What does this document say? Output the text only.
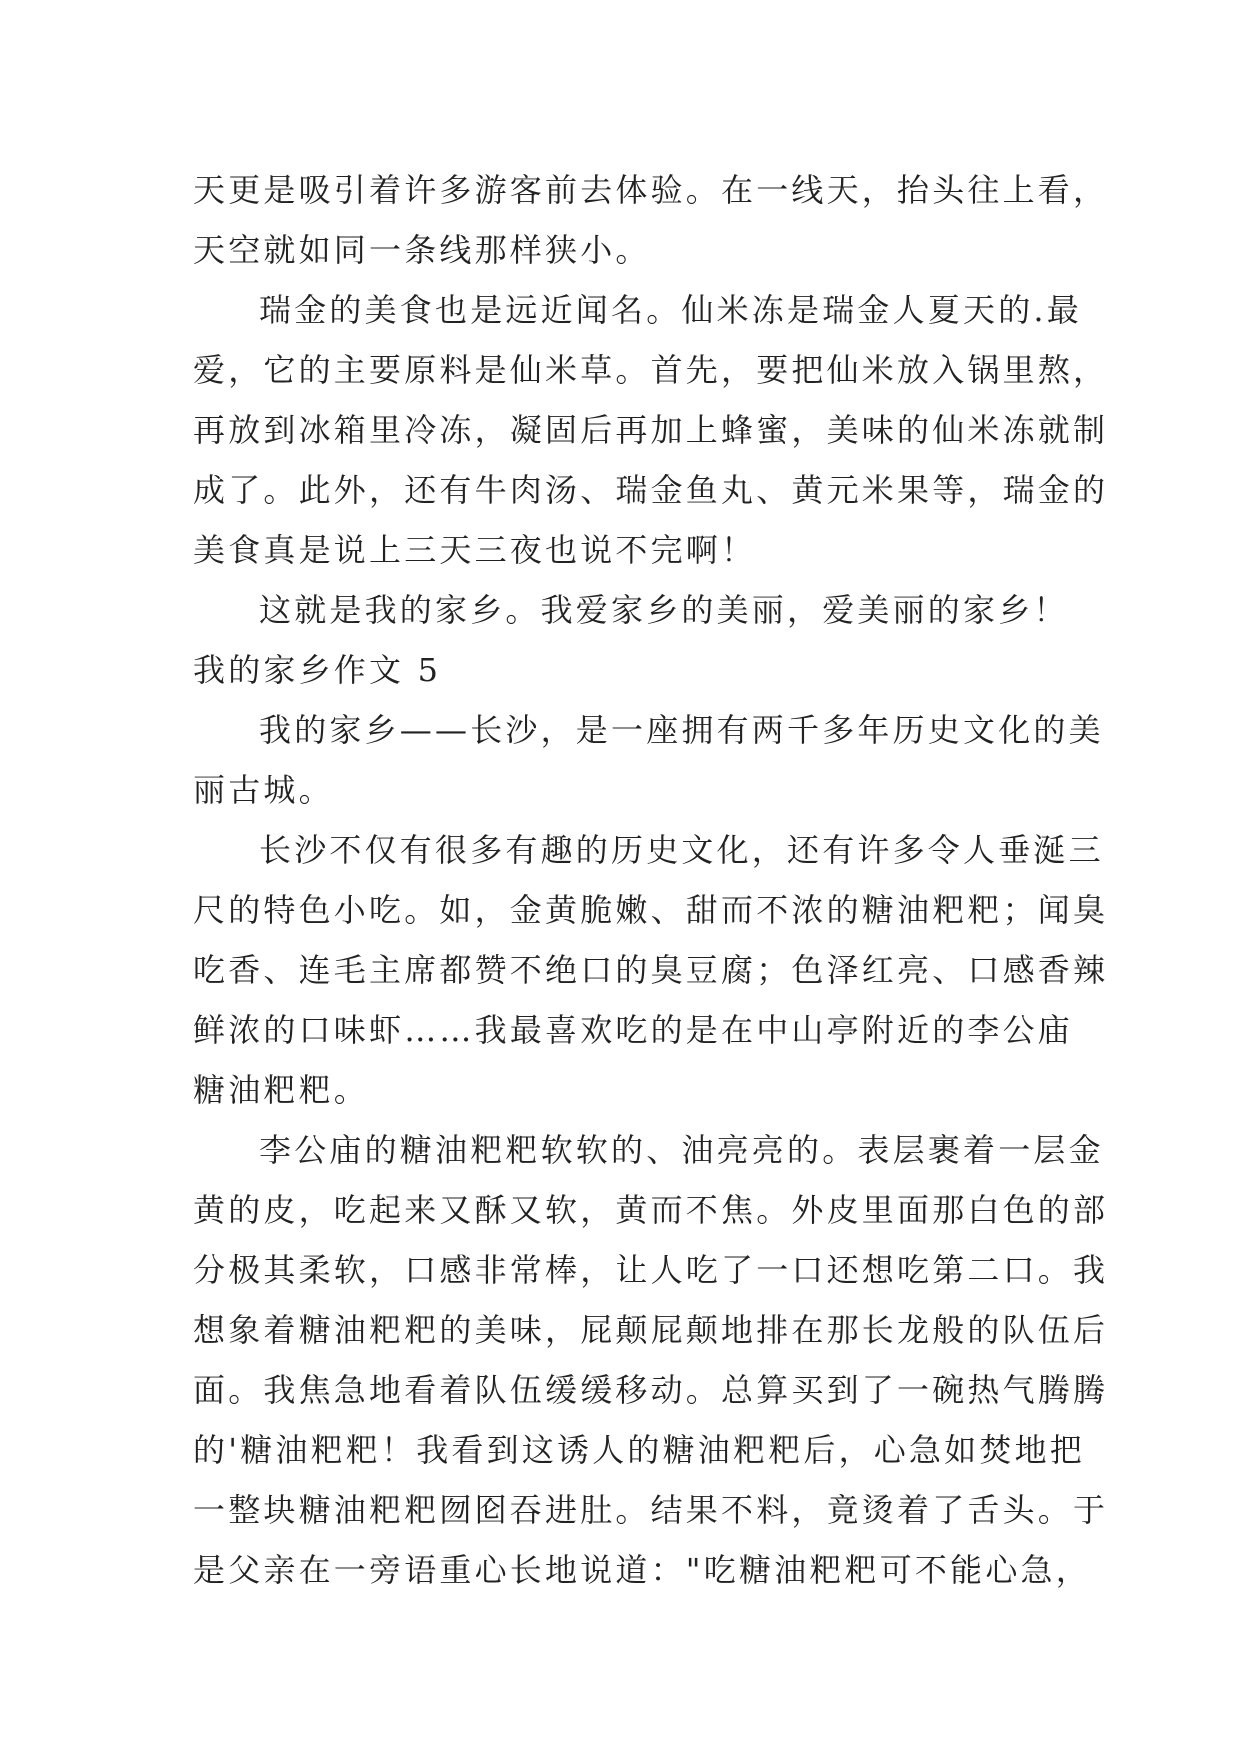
天更是吸引着许多游客前去体验。在一线天，抬头往上看，
天空就如同一条线那样狭小。
瑞金的美食也是远近闻名。仙米冻是瑞金人夏天的.最
爱，它的主要原料是仙米草。首先，要把仙米放入锅里熬，
再放到冰箱里冷冻，凝固后再加上蜂蜜，美味的仙米冻就制
成了。此外，还有牛肉汤、瑞金鱼丸、黄元米果等，瑞金的
美食真是说上三天三夜也说不完啊！
这就是我的家乡。我爱家乡的美丽，爱美丽的家乡！
我的家乡作文 5
我的家乡——长沙，是一座拥有两千多年历史文化的美
丽古城。
长沙不仅有很多有趣的历史文化，还有许多令人垂涎三
尺的特色小吃。如，金黄脆嫩、甜而不浓的糖油粑粑；闻臭
吃香、连毛主席都赞不绝口的臭豆腐；色泽红亮、口感香辣
鲜浓的口味虾……我最喜欢吃的是在中山亭附近的李公庙
糖油粑粑。
李公庙的糖油粑粑软软的、油亮亮的。表层裹着一层金
黄的皮，吃起来又酥又软，黄而不焦。外皮里面那白色的部
分极其柔软，口感非常棒，让人吃了一口还想吃第二口。我
想象着糖油粑粑的美味，屁颠屁颠地排在那长龙般的队伍后
面。我焦急地看着队伍缓缓移动。总算买到了一碗热气腾腾
的'糖油粑粑！我看到这诱人的糖油粑粑后，心急如焚地把
一整块糖油粑粑囫囵吞进肚。结果不料，竟烫着了舌头。于
是父亲在一旁语重心长地说道："吃糖油粑粑可不能心急，
